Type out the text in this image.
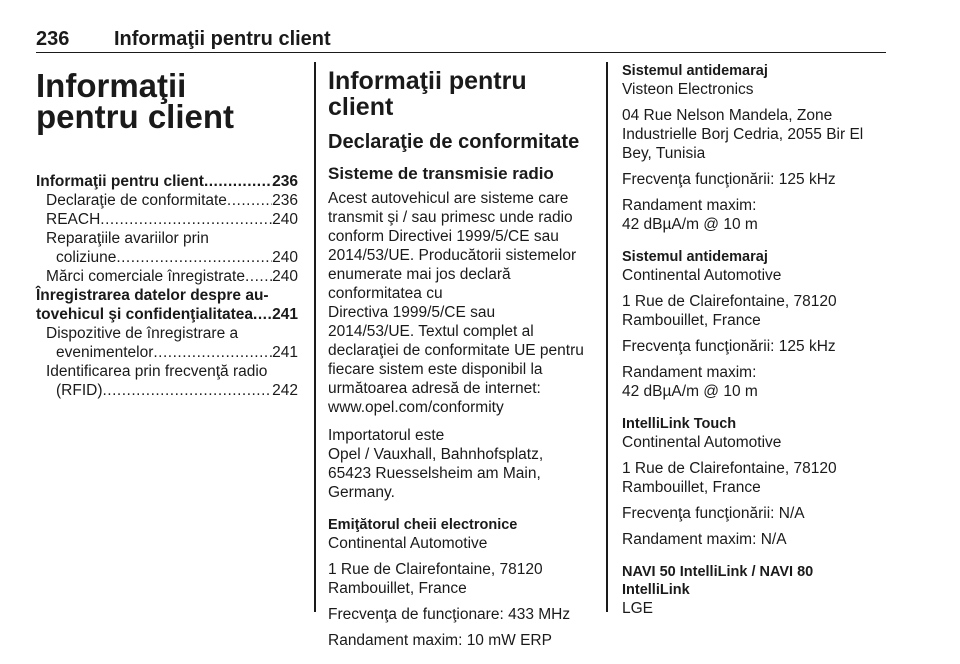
236 Informaţii pentru client
Informaţii pentru client
Informaţii pentru client .....	236
Declaraţie de conformitate .....	236
REACH .....	240
Reparaţiile avariilor prin
coliziune .....	240
Mărci comerciale înregistrate ..... 240
Înregistrarea datelor despre au-
tovehicul şi confidenţialitatea ..... 241
Dispozitive de înregistrare a
evenimentelor .....	241
Identificarea prin frecvenţă radio
(RFID) .....	242
Informaţii pentru client
Declaraţie de conformitate
Sisteme de transmisie radio
Acest autovehicul are sisteme care
transmit şi / sau primesc unde radio
conform Directivei 1999/5/CE sau
2014/53/UE. Producătorii sistemelor
enumerate mai jos declară
conformitatea cu
Directiva 1999/5/CE sau
2014/53/UE. Textul complet al
declaraţiei de conformitate UE pentru
fiecare sistem este disponibil la
următoarea adresă de internet:
www.opel.com/conformity
Importatorul este
Opel / Vauxhall, Bahnhofsplatz,
65423 Ruesselsheim am Main,
Germany.
Emiţătorul cheii electronice
Continental Automotive
1 Rue de Clairefontaine, 78120
Rambouillet, France
Frecvenţa de funcţionare: 433 MHz
Randament maxim: 10 mW ERP
Sistemul antidemaraj
Visteon Electronics
04 Rue Nelson Mandela, Zone
Industrielle Borj Cedria, 2055 Bir El
Bey, Tunisia
Frecvenţa funcţionării: 125 kHz
Randament maxim:
42 dBµA/m @ 10 m
Sistemul antidemaraj
Continental Automotive
1 Rue de Clairefontaine, 78120
Rambouillet, France
Frecvenţa funcţionării: 125 kHz
Randament maxim:
42 dBµA/m @ 10 m
IntelliLink Touch
Continental Automotive
1 Rue de Clairefontaine, 78120
Rambouillet, France
Frecvenţa funcţionării: N/A
Randament maxim: N/A
NAVI 50 IntelliLink / NAVI 80
IntelliLink
LGE
